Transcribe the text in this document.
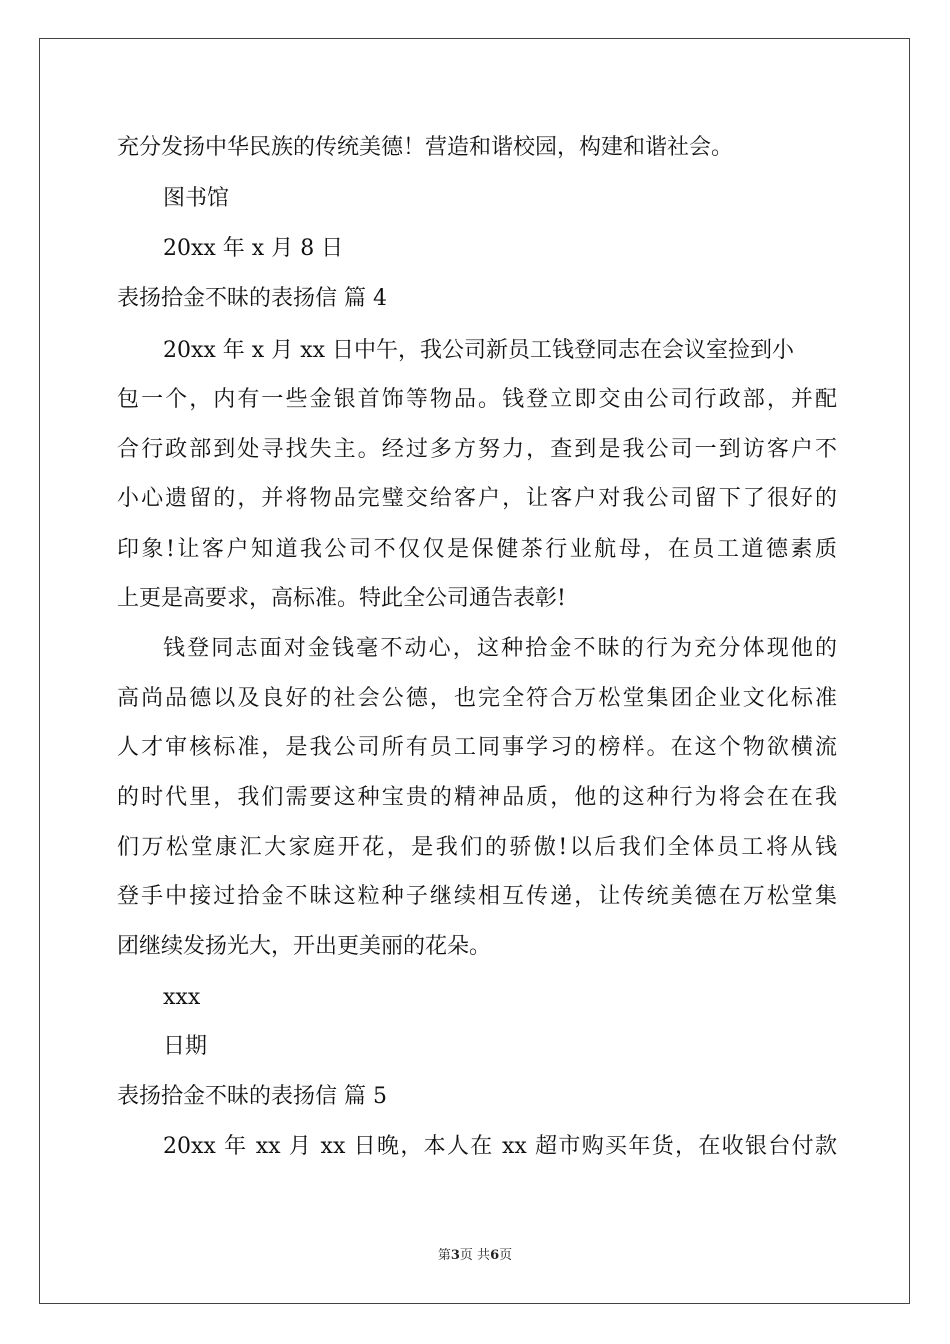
充分发扬中华民族的传统美德！营造和谐校园，构建和谐社会。
图书馆
20xx 年 x 月 8 日
表扬拾金不昧的表扬信 篇 4
20xx 年 x 月 xx 日中午，我公司新员工钱登同志在会议室捡到小
包一个，内有一些金银首饰等物品。钱登立即交由公司行政部，并配
合行政部到处寻找失主。经过多方努力，查到是我公司一到访客户不
小心遗留的，并将物品完璧交给客户，让客户对我公司留下了很好的
印象!让客户知道我公司不仅仅是保健茶行业航母，在员工道德素质
上更是高要求，高标准。特此全公司通告表彰!
钱登同志面对金钱毫不动心，这种拾金不昧的行为充分体现他的
高尚品德以及良好的社会公德，也完全符合万松堂集团企业文化标准
人才审核标准，是我公司所有员工同事学习的榜样。在这个物欲横流
的时代里，我们需要这种宝贵的精神品质，他的这种行为将会在在我
们万松堂康汇大家庭开花，是我们的骄傲!以后我们全体员工将从钱
登手中接过拾金不昧这粒种子继续相互传递，让传统美德在万松堂集
团继续发扬光大，开出更美丽的花朵。
xxx
日期
表扬拾金不昧的表扬信 篇 5
20xx 年 xx 月 xx 日晚，本人在 xx 超市购买年货，在收银台付款
第3页 共6页
